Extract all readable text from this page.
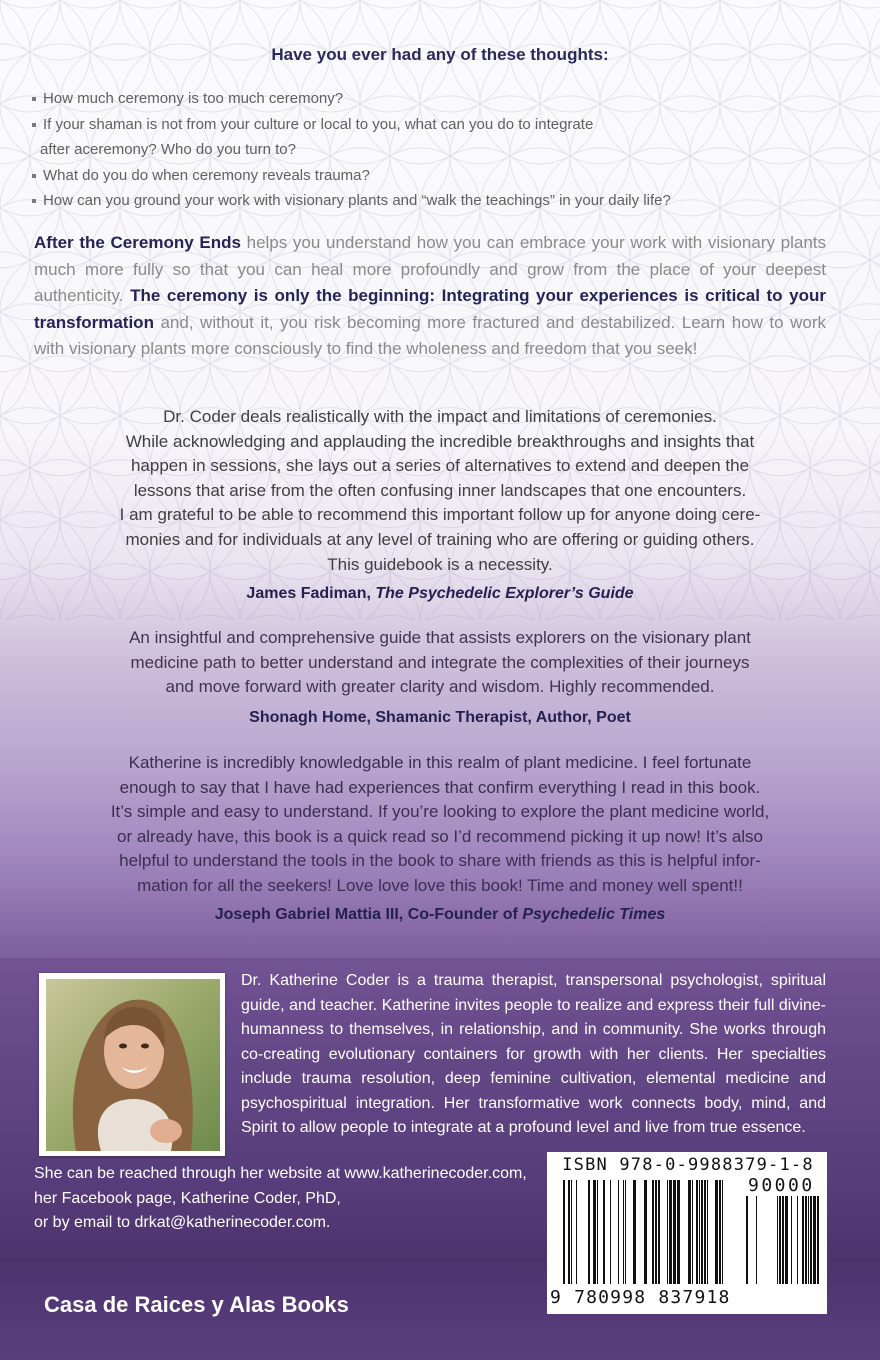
Have you ever had any of these thoughts:
How much ceremony is too much ceremony?
If your shaman is not from your culture or local to you, what can you do to integrate
after aceremony? Who do you turn to?
What do you do when ceremony reveals trauma?
How can you ground your work with visionary plants and “walk the teachings” in your daily life?

After the Ceremony Ends helps you understand how you can embrace your work with visionary plants much more fully so that you can heal more profoundly and grow from the place of your deepest authenticity. The ceremony is only the beginning: Integrating your experiences is critical to your transformation and, without it, you risk becoming more fractured and destabilized. Learn how to work with visionary plants more consciously to find the wholeness and freedom that you seek!

Dr. Coder deals realistically with the impact and limitations of ceremonies.
While acknowledging and applauding the incredible breakthroughs and insights that
happen in sessions, she lays out a series of alternatives to extend and deepen the
lessons that arise from the often confusing inner landscapes that one encounters.
I am grateful to be able to recommend this important follow up for anyone doing cere-
monies and for individuals at any level of training who are offering or guiding others.
This guidebook is a necessity.

James Fadiman, The Psychedelic Explorer’s Guide

An insightful and comprehensive guide that assists explorers on the visionary plant
medicine path to better understand and integrate the complexities of their journeys
and move forward with greater clarity and wisdom. Highly recommended.

Shonagh Home, Shamanic Therapist, Author, Poet

Katherine is incredibly knowledgable in this realm of plant medicine. I feel fortunate
enough to say that I have had experiences that confirm everything I read in this book.
It’s simple and easy to understand. If you’re looking to explore the plant medicine world,
or already have, this book is a quick read so I’d recommend picking it up now! It’s also
helpful to understand the tools in the book to share with friends as this is helpful infor-
mation for all the seekers! Love love love this book! Time and money well spent!!

Joseph Gabriel Mattia III, Co-Founder of Psychedelic Times

Dr. Katherine Coder is a trauma therapist, transpersonal psychologist, spiritual guide, and teacher. Katherine invites people to realize and express their full divine-humanness to themselves, in relationship, and in community. She works through co-creating evolutionary containers for growth with her clients. Her specialties include trauma resolution, deep feminine cultivation, elemental medicine and psychospiritual integration. Her transformative work connects body, mind, and Spirit to allow people to integrate at a profound level and live from true essence.

She can be reached through her website at www.katherinecoder.com,
her Facebook page, Katherine Coder, PhD,
or by email to drkat@katherinecoder.com.

Casa de Raices y Alas Books
ISBN 978-0-9988379-1-8
90000
9 780998 837918
